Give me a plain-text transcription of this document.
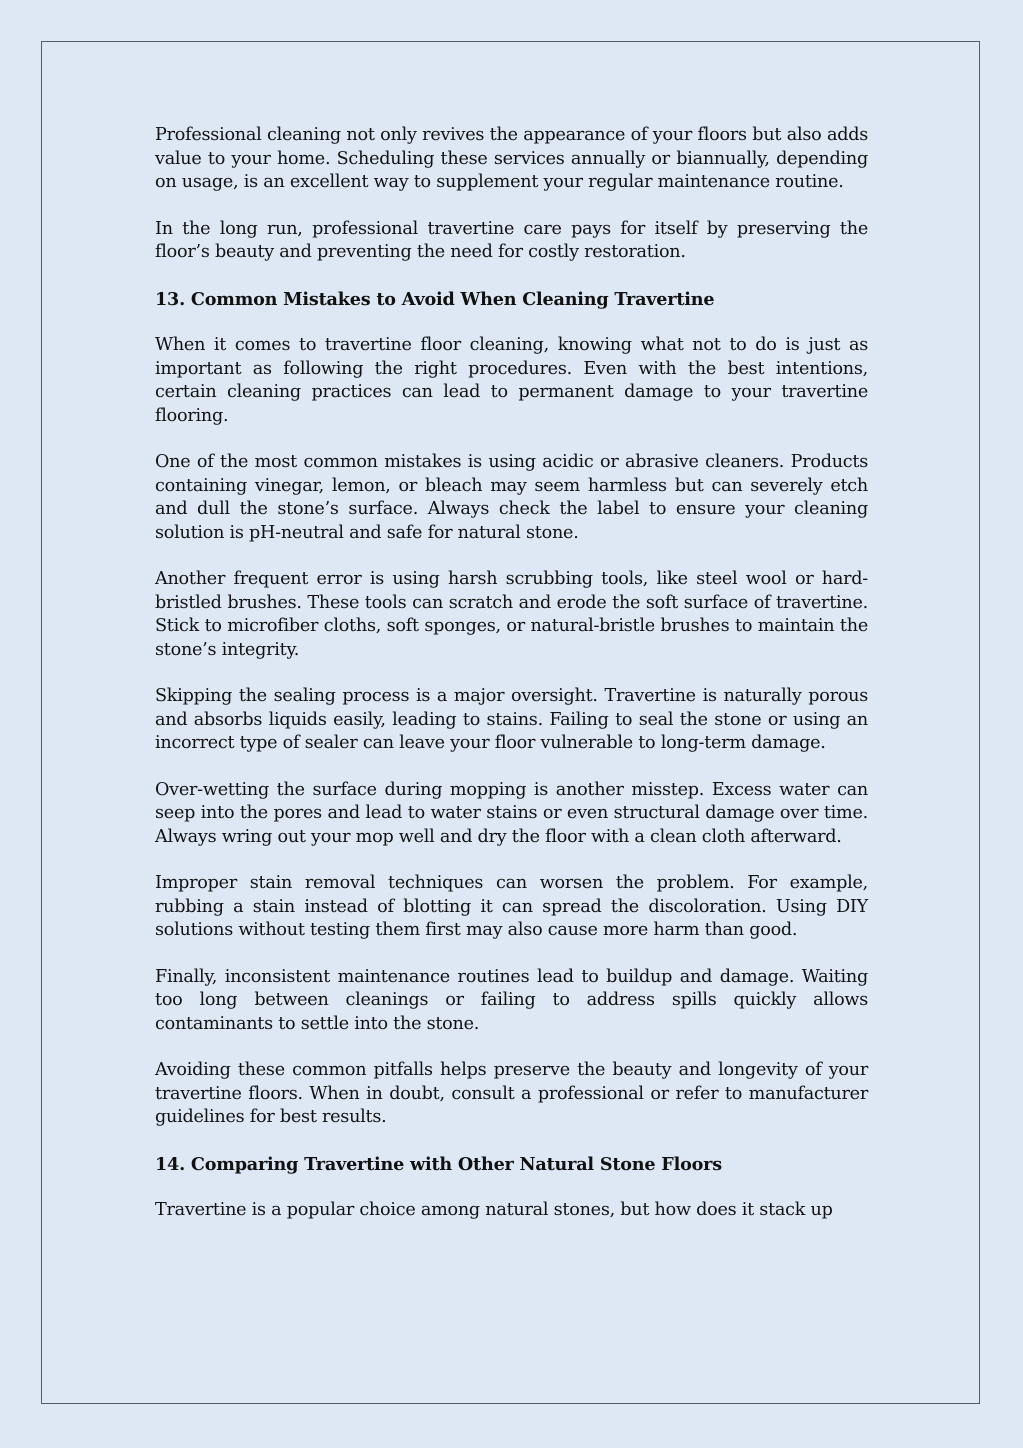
Professional cleaning not only revives the appearance of your floors but also adds value to your home. Scheduling these services annually or biannually, depending on usage, is an excellent way to supplement your regular maintenance routine.

In the long run, professional travertine care pays for itself by preserving the floor’s beauty and preventing the need for costly restoration.

13. Common Mistakes to Avoid When Cleaning Travertine

When it comes to travertine floor cleaning, knowing what not to do is just as important as following the right procedures. Even with the best intentions, certain cleaning practices can lead to permanent damage to your travertine flooring.

One of the most common mistakes is using acidic or abrasive cleaners. Products containing vinegar, lemon, or bleach may seem harmless but can severely etch and dull the stone’s surface. Always check the label to ensure your cleaning solution is pH-neutral and safe for natural stone.

Another frequent error is using harsh scrubbing tools, like steel wool or hard-bristled brushes. These tools can scratch and erode the soft surface of travertine. Stick to microfiber cloths, soft sponges, or natural-bristle brushes to maintain the stone’s integrity.

Skipping the sealing process is a major oversight. Travertine is naturally porous and absorbs liquids easily, leading to stains. Failing to seal the stone or using an incorrect type of sealer can leave your floor vulnerable to long-term damage.

Over-wetting the surface during mopping is another misstep. Excess water can seep into the pores and lead to water stains or even structural damage over time. Always wring out your mop well and dry the floor with a clean cloth afterward.

Improper stain removal techniques can worsen the problem. For example, rubbing a stain instead of blotting it can spread the discoloration. Using DIY solutions without testing them first may also cause more harm than good.

Finally, inconsistent maintenance routines lead to buildup and damage. Waiting too long between cleanings or failing to address spills quickly allows contaminants to settle into the stone.

Avoiding these common pitfalls helps preserve the beauty and longevity of your travertine floors. When in doubt, consult a professional or refer to manufacturer guidelines for best results.

14. Comparing Travertine with Other Natural Stone Floors

Travertine is a popular choice among natural stones, but how does it stack up
